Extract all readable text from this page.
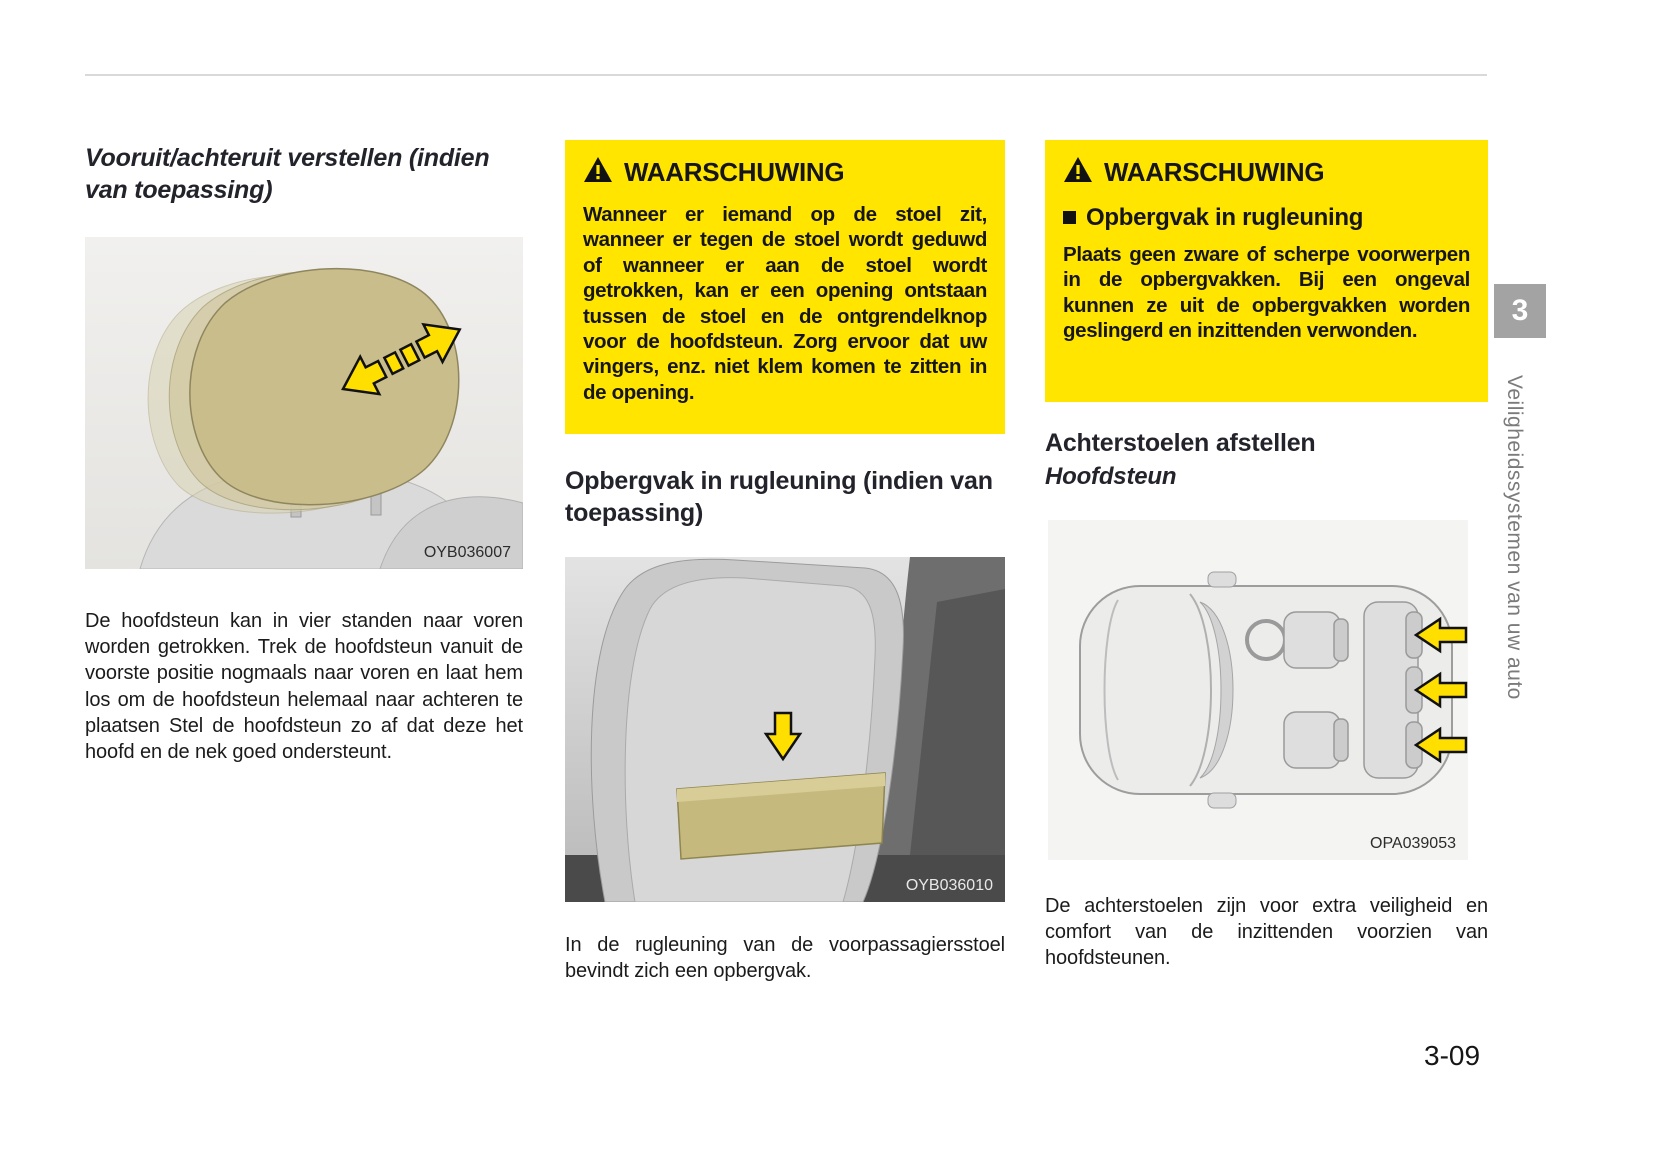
Vooruit/achteruit verstellen (indien van toepassing)
OYB036007
De hoofdsteun kan in vier standen naar voren worden getrokken. Trek de hoofdsteun vanuit de voorste positie nogmaals naar voren en laat hem los om de hoofdsteun helemaal naar achteren te plaatsen Stel de hoofdsteun zo af dat deze het hoofd en de nek goed ondersteunt.
WAARSCHUWING
Wanneer er iemand op de stoel zit, wanneer er tegen de stoel wordt geduwd of wanneer er aan de stoel wordt getrokken, kan er een opening ontstaan tussen de stoel en de ontgrendelknop voor de hoofdsteun. Zorg ervoor dat uw vingers, enz. niet klem komen te zitten in de opening.
Opbergvak in rugleuning (indien van toepassing)
OYB036010
In de rugleuning van de voorpassagiersstoel bevindt zich een opbergvak.
WAARSCHUWING
Opbergvak in rugleuning
Plaats geen zware of scherpe voorwerpen in de opbergvakken. Bij een ongeval kunnen ze uit de opbergvakken worden geslingerd en inzittenden verwonden.
Achterstoelen afstellen
Hoofdsteun
OPA039053
De achterstoelen zijn voor extra veiligheid en comfort van de inzittenden voorzien van hoofdsteunen.
3
Veiligheidssystemen van uw auto
3-09
